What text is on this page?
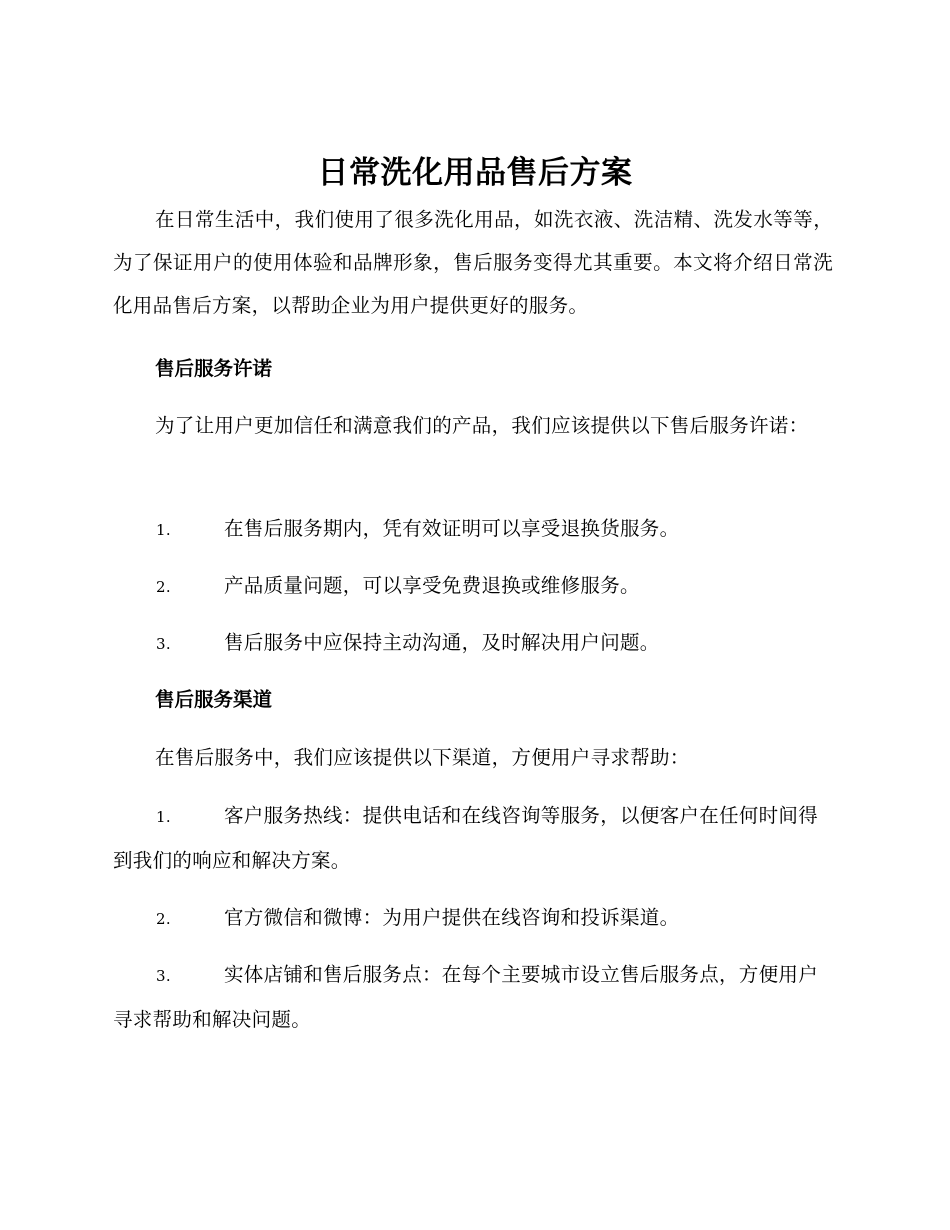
日常洗化用品售后方案
在日常生活中，我们使用了很多洗化用品，如洗衣液、洗洁精、洗发水等等，为了保证用户的使用体验和品牌形象，售后服务变得尤其重要。本文将介绍日常洗化用品售后方案，以帮助企业为用户提供更好的服务。
售后服务许诺
为了让用户更加信任和满意我们的产品，我们应该提供以下售后服务许诺：
1.	在售后服务期内，凭有效证明可以享受退换货服务。
2.	产品质量问题，可以享受免费退换或维修服务。
3.	售后服务中应保持主动沟通，及时解决用户问题。
售后服务渠道
在售后服务中，我们应该提供以下渠道，方便用户寻求帮助：
1.	客户服务热线：提供电话和在线咨询等服务，以便客户在任何时间得到我们的响应和解决方案。
2.	官方微信和微博：为用户提供在线咨询和投诉渠道。
3.	实体店铺和售后服务点：在每个主要城市设立售后服务点，方便用户寻求帮助和解决问题。
